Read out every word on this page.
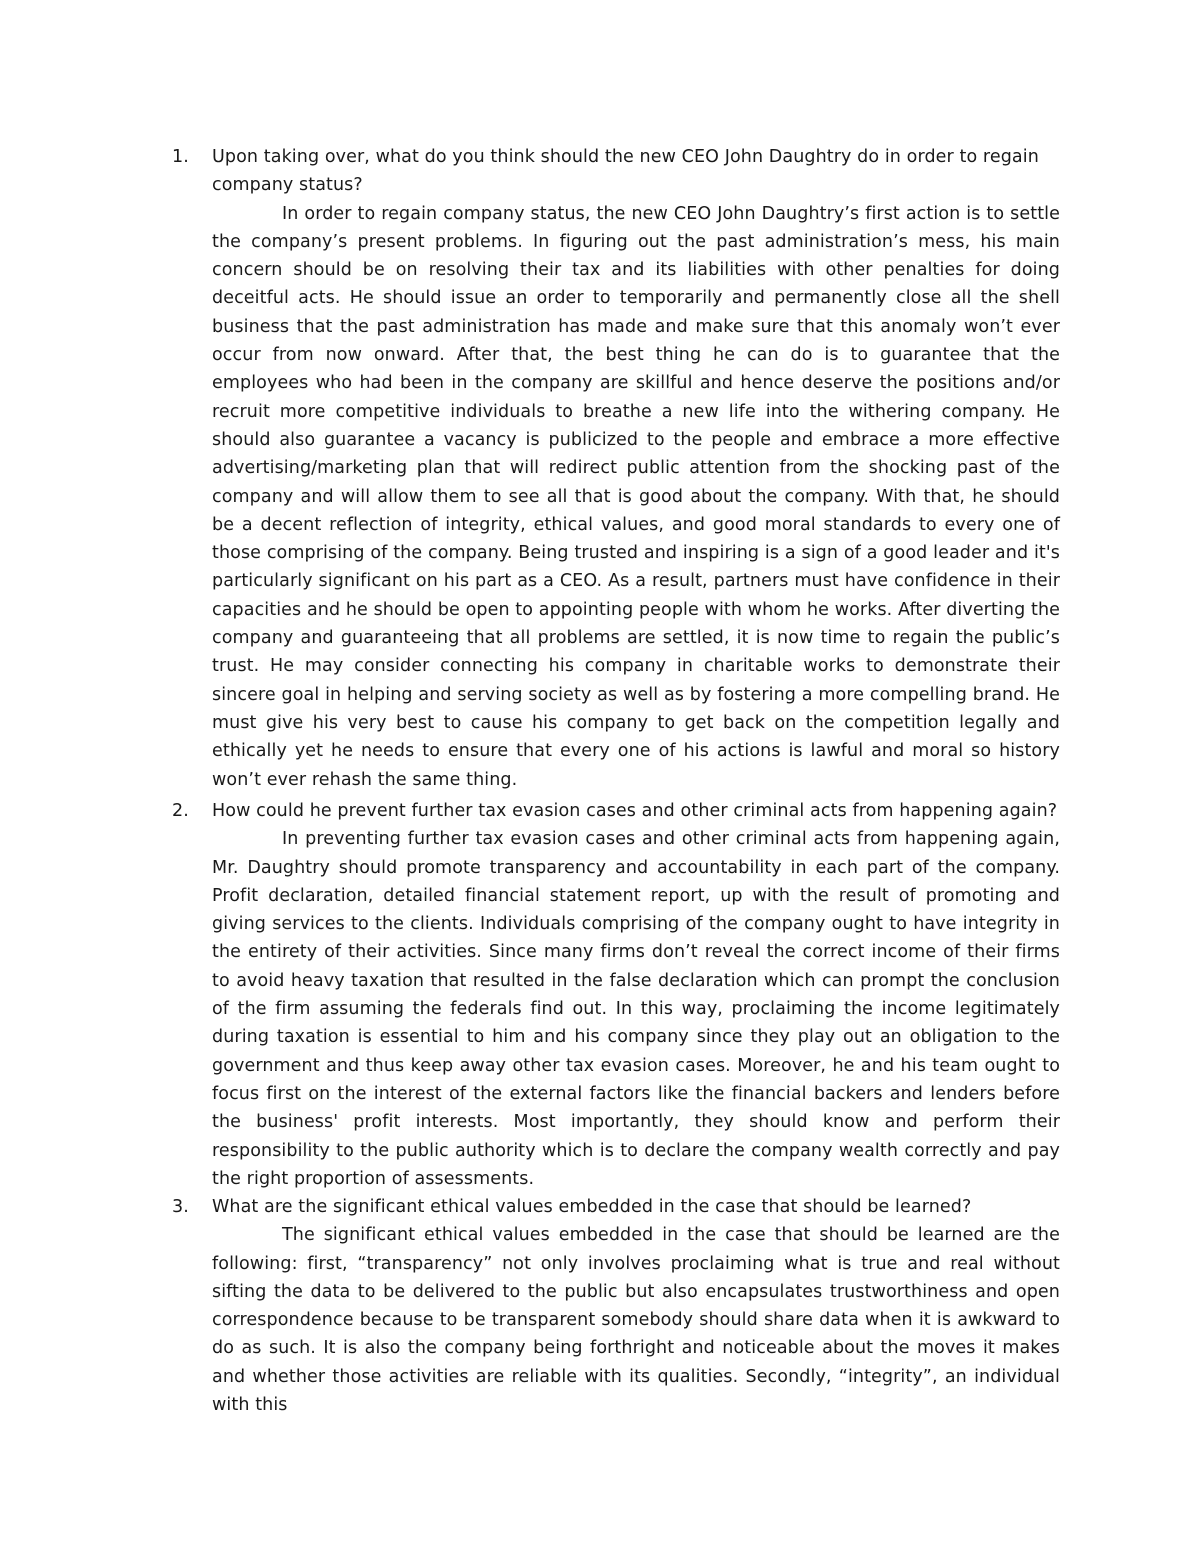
1. Upon taking over, what do you think should the new CEO John Daughtry do in order to regain company status?

In order to regain company status, the new CEO John Daughtry’s first action is to settle the company’s present problems. In figuring out the past administration’s mess, his main concern should be on resolving their tax and its liabilities with other penalties for doing deceitful acts. He should issue an order to temporarily and permanently close all the shell business that the past administration has made and make sure that this anomaly won’t ever occur from now onward. After that, the best thing he can do is to guarantee that the employees who had been in the company are skillful and hence deserve the positions and/or recruit more competitive individuals to breathe a new life into the withering company. He should also guarantee a vacancy is publicized to the people and embrace a more effective advertising/marketing plan that will redirect public attention from the shocking past of the company and will allow them to see all that is good about the company. With that, he should be a decent reflection of integrity, ethical values, and good moral standards to every one of those comprising of the company. Being trusted and inspiring is a sign of a good leader and it's particularly significant on his part as a CEO. As a result, partners must have confidence in their capacities and he should be open to appointing people with whom he works. After diverting the company and guaranteeing that all problems are settled, it is now time to regain the public’s trust. He may consider connecting his company in charitable works to demonstrate their sincere goal in helping and serving society as well as by fostering a more compelling brand. He must give his very best to cause his company to get back on the competition legally and ethically yet he needs to ensure that every one of his actions is lawful and moral so history won’t ever rehash the same thing.

2. How could he prevent further tax evasion cases and other criminal acts from happening again?

In preventing further tax evasion cases and other criminal acts from happening again, Mr. Daughtry should promote transparency and accountability in each part of the company. Profit declaration, detailed financial statement report, up with the result of promoting and giving services to the clients. Individuals comprising of the company ought to have integrity in the entirety of their activities. Since many firms don’t reveal the correct income of their firms to avoid heavy taxation that resulted in the false declaration which can prompt the conclusion of the firm assuming the federals find out. In this way, proclaiming the income legitimately during taxation is essential to him and his company since they play out an obligation to the government and thus keep away other tax evasion cases. Moreover, he and his team ought to focus first on the interest of the external factors like the financial backers and lenders before the business' profit interests. Most importantly, they should know and perform their responsibility to the public authority which is to declare the company wealth correctly and pay the right proportion of assessments.

3. What are the significant ethical values embedded in the case that should be learned?

The significant ethical values embedded in the case that should be learned are the following: first, “transparency” not only involves proclaiming what is true and real without sifting the data to be delivered to the public but also encapsulates trustworthiness and open correspondence because to be transparent somebody should share data when it is awkward to do as such. It is also the company being forthright and noticeable about the moves it makes and whether those activities are reliable with its qualities. Secondly, “integrity”, an individual with this
